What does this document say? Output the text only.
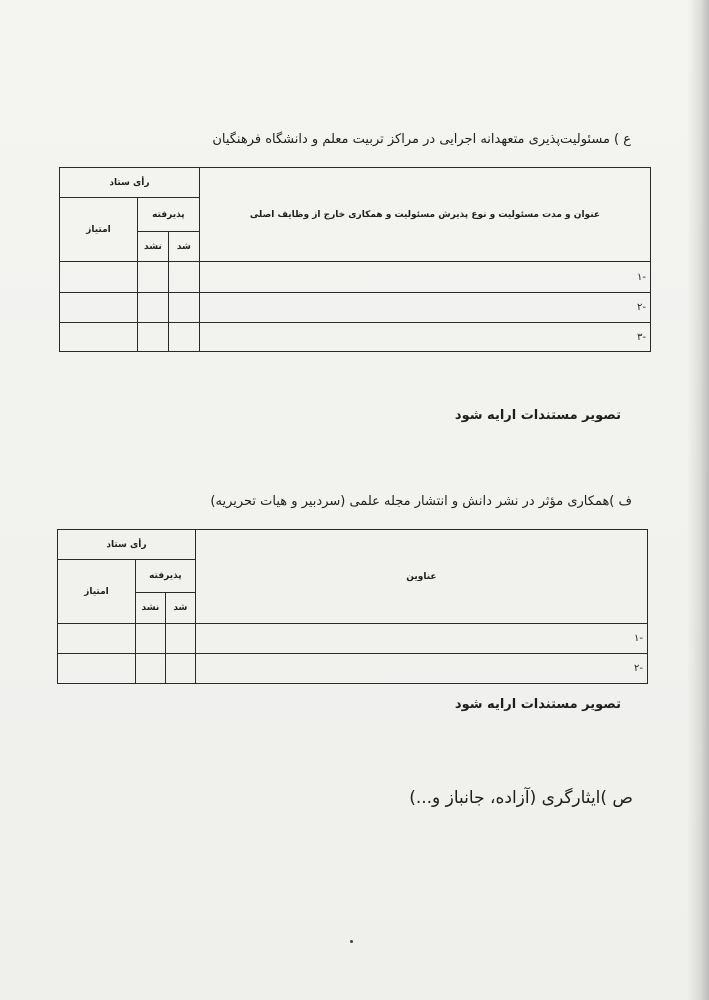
ع ) مسئولیت‌پذیری متعهدانه اجرایی در مراکز تربیت معلم و دانشگاه فرهنگیان
عنوان و مدت مسئولیت و نوع پذیرش مسئولیت و همکاری خارج از وظایف اصلی	رأی ستاد		
	پذیرفته		امتیاز
	شد	نشد	
-۱			
-۲			
-۳			
تصویر مستندات ارایه شود
ف )همکاری مؤثر در نشر دانش و انتشار مجله علمی (سردبیر و هیات تحریریه)
عناوین	رأی ستاد		
	پذیرفته		امتیاز
	شد	نشد	
-۱			
-۲			
تصویر مستندات ارایه شود
ص )ایثارگری (آزاده، جانباز و...)
